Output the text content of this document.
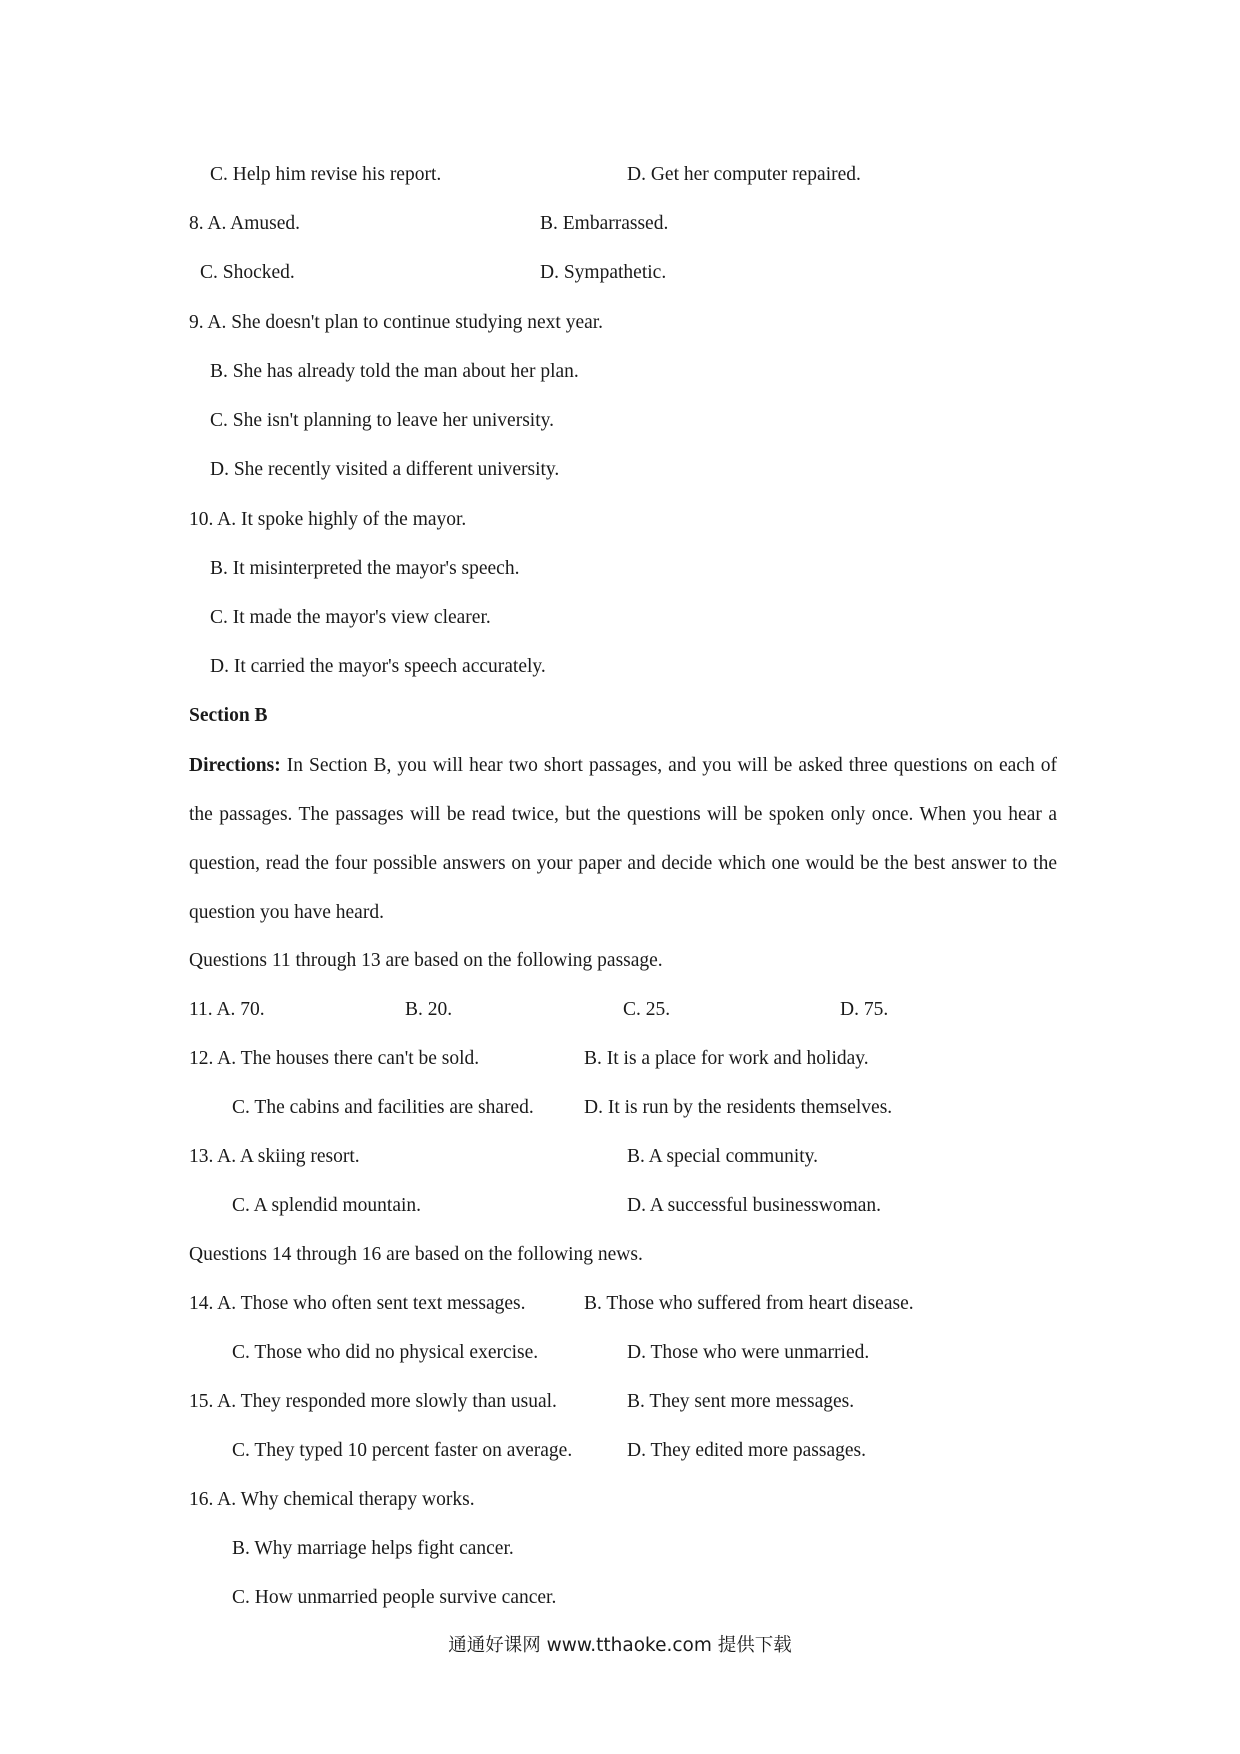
C. Help him revise his report.	D. Get her computer repaired.
8. A. Amused.	B. Embarrassed.
C. Shocked.	D. Sympathetic.
9. A. She doesn't plan to continue studying next year.
B. She has already told the man about her plan.
C. She isn't planning to leave her university.
D. She recently visited a different university.
10. A. It spoke highly of the mayor.
B. It misinterpreted the mayor's speech.
C. It made the mayor's view clearer.
D. It carried the mayor's speech accurately.
Section B
Directions: In Section B, you will hear two short passages, and you will be asked three questions on each of the passages. The passages will be read twice, but the questions will be spoken only once. When you hear a question, read the four possible answers on your paper and decide which one would be the best answer to the question you have heard.
Questions 11 through 13 are based on the following passage.
11. A. 70.	B. 20.	C. 25.	D. 75.
12. A. The houses there can't be sold.	B. It is a place for work and holiday.
C. The cabins and facilities are shared.	D. It is run by the residents themselves.
13. A. A skiing resort.	B. A special community.
C. A splendid mountain.	D. A successful businesswoman.
Questions 14 through 16 are based on the following news.
14. A. Those who often sent text messages.	B. Those who suffered from heart disease.
C. Those who did no physical exercise.	D. Those who were unmarried.
15. A. They responded more slowly than usual.	B. They sent more messages.
C. They typed 10 percent faster on average.	D. They edited more passages.
16. A. Why chemical therapy works.
B. Why marriage helps fight cancer.
C. How unmarried people survive cancer.
通通好课网 www.tthaoke.com 提供下载
